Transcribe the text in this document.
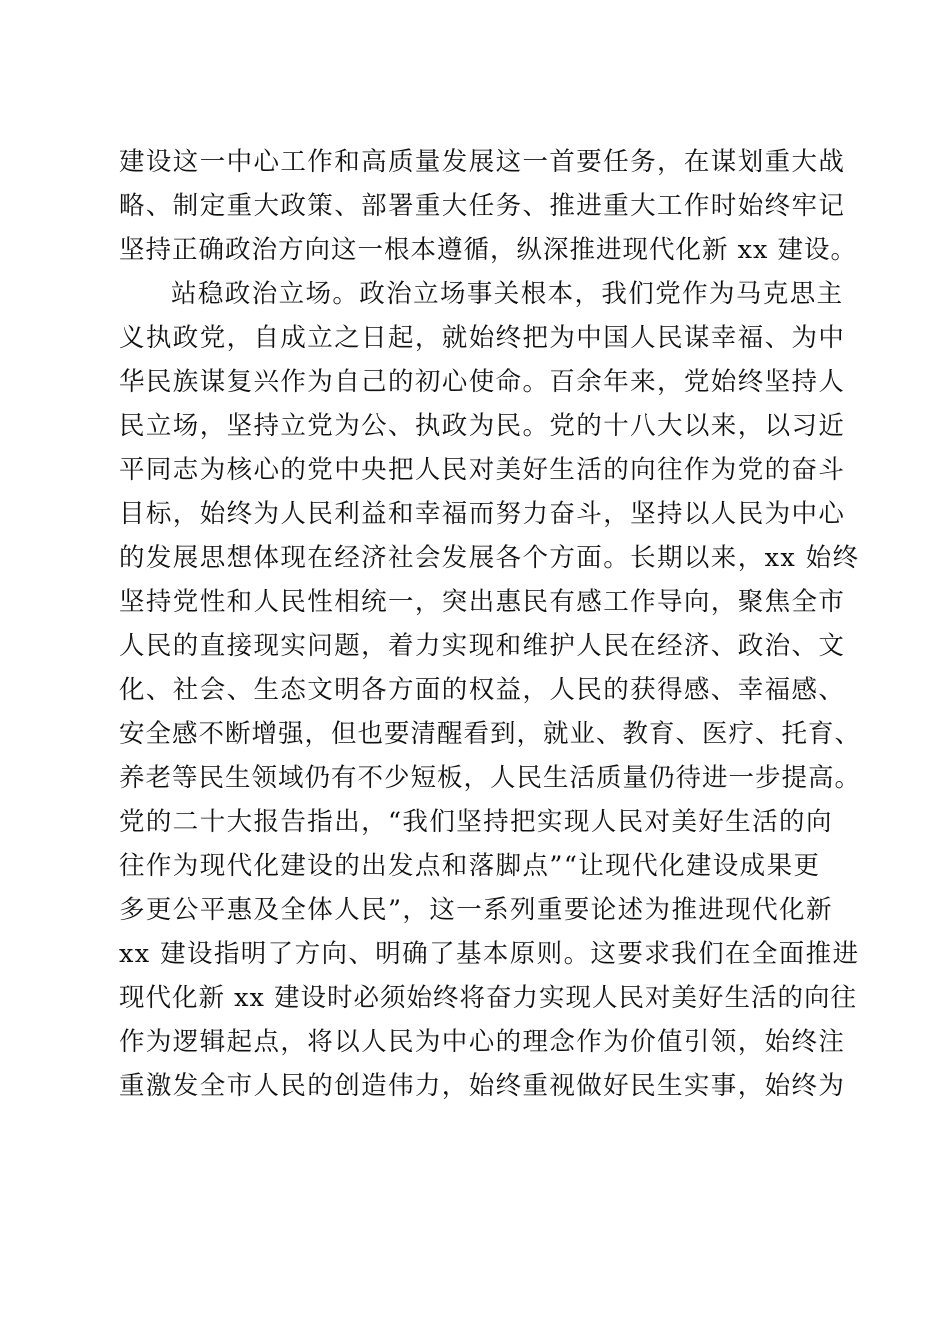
建设这一中心工作和高质量发展这一首要任务，在谋划重大战
略、制定重大政策、部署重大任务、推进重大工作时始终牢记
坚持正确政治方向这一根本遵循，纵深推进现代化新 xx 建设。
站稳政治立场。政治立场事关根本，我们党作为马克思主
义执政党，自成立之日起，就始终把为中国人民谋幸福、为中
华民族谋复兴作为自己的初心使命。百余年来，党始终坚持人
民立场，坚持立党为公、执政为民。党的十八大以来，以习近
平同志为核心的党中央把人民对美好生活的向往作为党的奋斗
目标，始终为人民利益和幸福而努力奋斗，坚持以人民为中心
的发展思想体现在经济社会发展各个方面。长期以来，xx 始终
坚持党性和人民性相统一，突出惠民有感工作导向，聚焦全市
人民的直接现实问题，着力实现和维护人民在经济、政治、文
化、社会、生态文明各方面的权益，人民的获得感、幸福感、
安全感不断增强，但也要清醒看到，就业、教育、医疗、托育、
养老等民生领域仍有不少短板，人民生活质量仍待进一步提高。
党的二十大报告指出，“我们坚持把实现人民对美好生活的向
往作为现代化建设的出发点和落脚点”“让现代化建设成果更
多更公平惠及全体人民”，这一系列重要论述为推进现代化新
xx 建设指明了方向、明确了基本原则。这要求我们在全面推进
现代化新 xx 建设时必须始终将奋力实现人民对美好生活的向往
作为逻辑起点，将以人民为中心的理念作为价值引领，始终注
重激发全市人民的创造伟力，始终重视做好民生实事，始终为
